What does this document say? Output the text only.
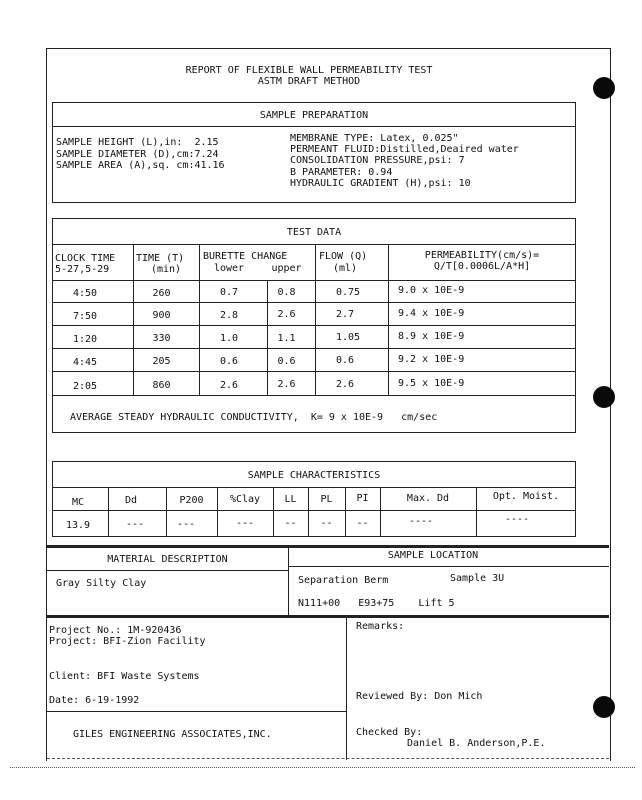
REPORT OF FLEXIBLE WALL PERMEABILITY TEST
ASTM DRAFT METHOD
SAMPLE PREPARATION
SAMPLE HEIGHT (L),in:  2.15
SAMPLE DIAMETER (D),cm:7.24
SAMPLE AREA (A),sq. cm:41.16
MEMBRANE TYPE: Latex, 0.025"
PERMEANT FLUID:Distilled,Deaired water
CONSOLIDATION PRESSURE,psi: 7
B PARAMETER: 0.94
HYDRAULIC GRADIENT (H),psi: 10
TEST DATA
CLOCK TIME
5-27,5-29
TIME (T)
(min)
BURETTE CHANGE
lower	upper
FLOW (Q)
(ml)
PERMEABILITY(cm/s)=
Q/T[0.0006L/A*H]
4:50	260	0.7	0.8	0.75	9.0 x 10E-9
7:50	900	2.8	2.6	2.7	9.4 x 10E-9
1:20	330	1.0	1.1	1.05	8.9 x 10E-9
4:45	205	0.6	0.6	0.6	9.2 x 10E-9
2:05	860	2.6	2.6	2.6	9.5 x 10E-9
AVERAGE STEADY HYDRAULIC CONDUCTIVITY,  K= 9 x 10E-9   cm/sec
SAMPLE CHARACTERISTICS
MC	Dd	P200	%Clay	LL	PL	PI	Max. Dd	Opt. Moist.
13.9	---	---	---	--	--	--	----	----
MATERIAL DESCRIPTION
Gray Silty Clay
SAMPLE LOCATION
Separation Berm	Sample 3U
N111+00   E93+75    Lift 5
Project No.: 1M-920436
Project: BFI-Zion Facility
Client: BFI Waste Systems
Date: 6-19-1992
GILES ENGINEERING ASSOCIATES,INC.
Remarks:
Reviewed By: Don Mich
Checked By:
Daniel B. Anderson,P.E.
